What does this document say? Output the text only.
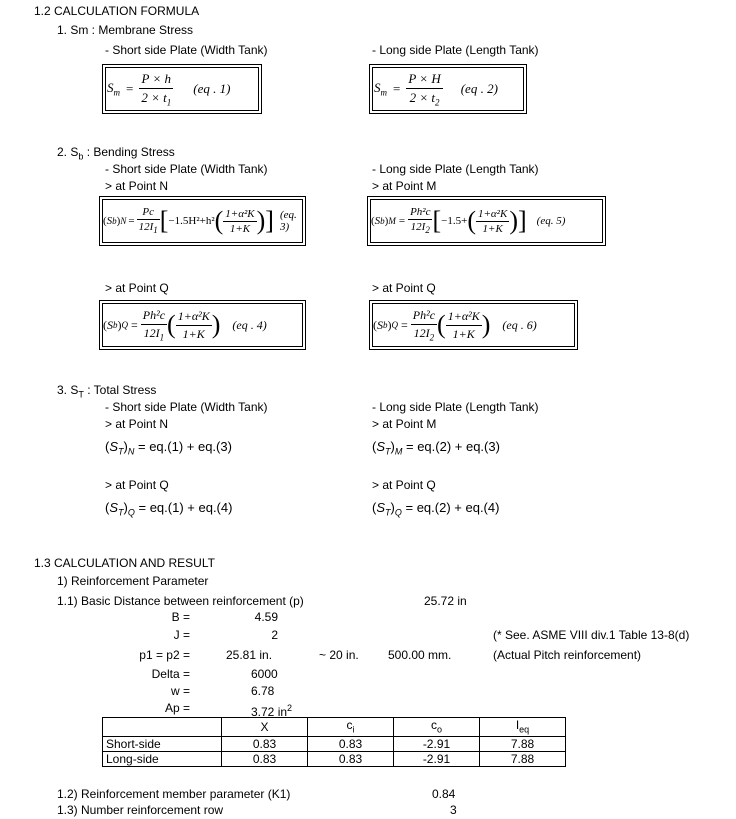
1.2 CALCULATION FORMULA
1. Sm : Membrane Stress
- Short side Plate (Width Tank)	- Long side Plate (Length Tank)
$S_m = \frac{P \times h}{2 \times t_1} (eq$ . 1)	$S_m = \frac{P \times H}{2 \times t_2} (eq$ . 2)
2. $S_b$ : Bending Stress
- Short side Plate (Width Tank)	- Long side Plate (Length Tank)
> at Point N	> at Point M
( S b ) $N = \frac{Pc}{12I_1}$ [ −1.5H²+h² ( $\frac{\text{1+α²K}}{1+K}$ )] (eq. 3)	( S b ) $M = \frac{\text{Ph²c}}{12I_2}$ [ −1.5+ ( $\frac{\text{1+α²K}}{1+K}$ )] (eq. 5)
> at Point Q	> at Point Q
( S b ) $Q = \frac{\text{Ph²c}}{12I_1}$ ( $\frac{\text{1+α²K}}{1+K}$ ) (eq . 4)	( S b ) $Q = \frac{\text{Ph²c}}{12I_2}$ ( $\frac{\text{1+α²K}}{1+K}$ ) (eq . 6)
3. $S_T$ : Total Stress
- Short side Plate (Width Tank)	- Long side Plate (Length Tank)
> at Point N	> at Point M
$(S_T)_N = eq.(1) + eq.(3)$	$(S_T)_M = eq.(2) + eq.(3)$
> at Point Q	> at Point Q
$(S_T)_Q = eq.(1) + eq.(4)$	$(S_T)_Q = eq.(2) + eq.(4)$
1.3 CALCULATION AND RESULT
1) Reinforcement Parameter
1.1) Basic Distance between reinforcement (p)	25.72 in
B =	4.59
J =	2	(* See. ASME VIII div.1 Table 13-8(d)
p1 = p2 =	25.81 in.	~ 20 in. 500.00 mm.	(Actual Pitch reinforcement)
Delta =	6000
w =	6.78
Ap =	3.72 $in^2$
	X	$c_i$	$c_o$	$I_{eq}$
Short-side	0.83	0.83	-2.91	7.88
Long-side	0.83	0.83	-2.91	7.88
1.2) Reinforcement member parameter (K1)	0.84
1.3) Number reinforcement row	3
